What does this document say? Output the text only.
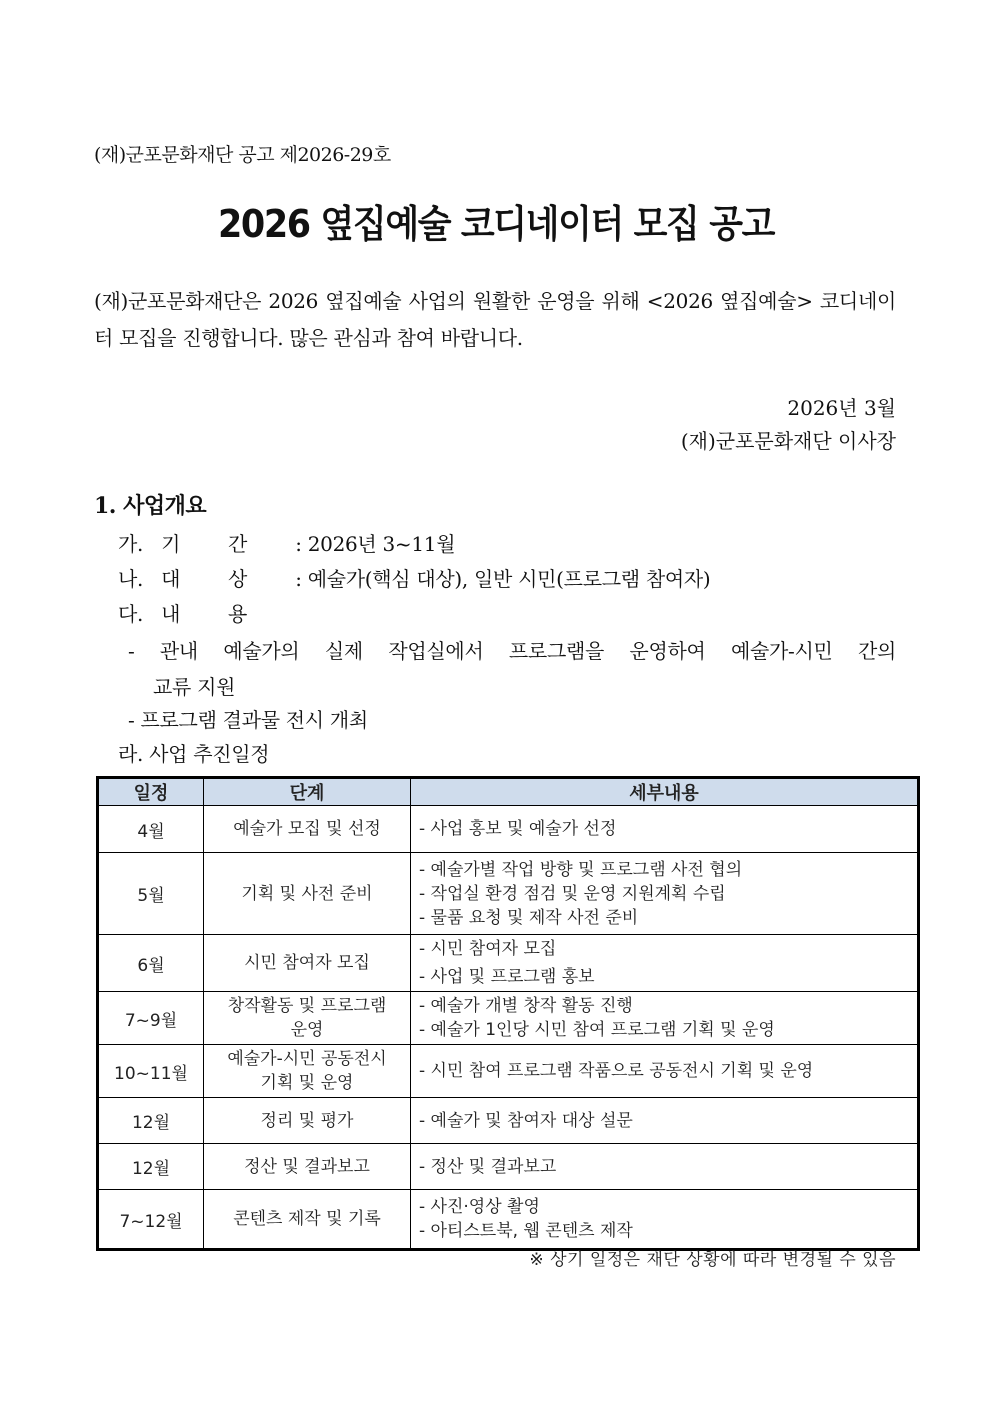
(재)군포문화재단 공고 제2026-29호
2026 옆집예술 코디네이터 모집 공고
(재)군포문화재단은 2026 옆집예술 사업의 원활한 운영을 위해 <2026 옆집예술> 코디네이터 모집을 진행합니다. 많은 관심과 참여 바랍니다.
2026년 3월
(재)군포문화재단 이사장
1. 사업개요
가. 기 간 : 2026년 3~11월
나. 대 상 : 예술가(핵심 대상), 일반 시민(프로그램 참여자)
다. 내 용
- 관내 예술가의 실제 작업실에서 프로그램을 운영하여 예술가-시민 간의
교류 지원
- 프로그램 결과물 전시 개최
라. 사업 추진일정
일정	단계	세부내용
4월	예술가 모집 및 선정	- 사업 홍보 및 예술가 선정

5월	기획 및 사전 준비	- 예술가별 작업 방향 및 프로그램 사전 협의
- 작업실 환경 점검 및 운영 지원계획 수립
- 물품 요청 및 제작 사전 준비

6월	시민 참여자 모집	- 시민 참여자 모집
- 사업 및 프로그램 홍보

7~9월	창작활동 및 프로그램
운영	- 예술가 개별 창작 활동 진행
- 예술가 1인당 시민 참여 프로그램 기획 및 운영

10~11월	예술가-시민 공동전시
기획 및 운영	- 시민 참여 프로그램 작품으로 공동전시 기획 및 운영

12월	정리 및 평가	- 예술가 및 참여자 대상 설문

12월	정산 및 결과보고	- 정산 및 결과보고

7~12월	콘텐츠 제작 및 기록	- 사진·영상 촬영
- 아티스트북, 웹 콘텐츠 제작
※ 상기 일정은 재단 상황에 따라 변경될 수 있음
